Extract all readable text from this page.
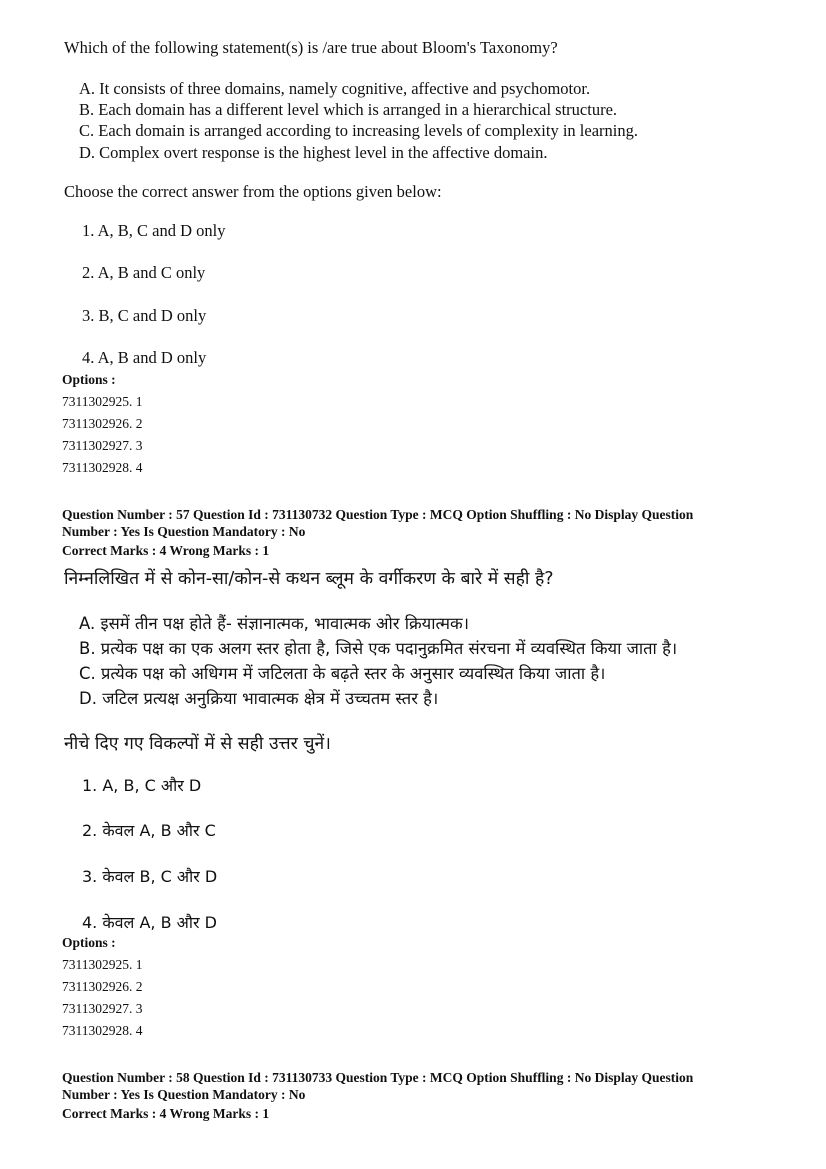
Which of the following statement(s) is /are true about Bloom's Taxonomy?
A. It consists of three domains, namely cognitive, affective and psychomotor.
B. Each domain has a different level which is arranged in a hierarchical structure.
C. Each domain is arranged according to increasing levels of complexity in learning.
D. Complex overt response is the highest level in the affective domain.
Choose the correct answer from the options given below:
1. A, B, C and D only
2. A, B and C only
3. B, C and D only
4. A, B and D only
Options :
7311302925. 1
7311302926. 2
7311302927. 3
7311302928. 4
Question Number : 57 Question Id : 731130732 Question Type : MCQ Option Shuffling : No Display Question
Number : Yes Is Question Mandatory : No
Correct Marks : 4 Wrong Marks : 1
निम्नलिखित में से कोन-सा/कोन-से कथन ब्लूम के वर्गीकरण के बारे में सही है?
A. इसमें तीन पक्ष होते हैं- संज्ञानात्मक, भावात्मक ओर क्रियात्मक।
B. प्रत्येक पक्ष का एक अलग स्तर होता है, जिसे एक पदानुक्रमित संरचना में व्यवस्थित किया जाता है।
C. प्रत्येक पक्ष को अधिगम में जटिलता के बढ़ते स्तर के अनुसार व्यवस्थित किया जाता है।
D. जटिल प्रत्यक्ष अनुक्रिया भावात्मक क्षेत्र में उच्चतम स्तर है।
नीचे दिए गए विकल्पों में से सही उत्तर चुनें।
1. A, B, C और D
2. केवल A, B और C
3. केवल B, C और D
4. केवल A, B और D
Options :
7311302925. 1
7311302926. 2
7311302927. 3
7311302928. 4
Question Number : 58 Question Id : 731130733 Question Type : MCQ Option Shuffling : No Display Question
Number : Yes Is Question Mandatory : No
Correct Marks : 4 Wrong Marks : 1
